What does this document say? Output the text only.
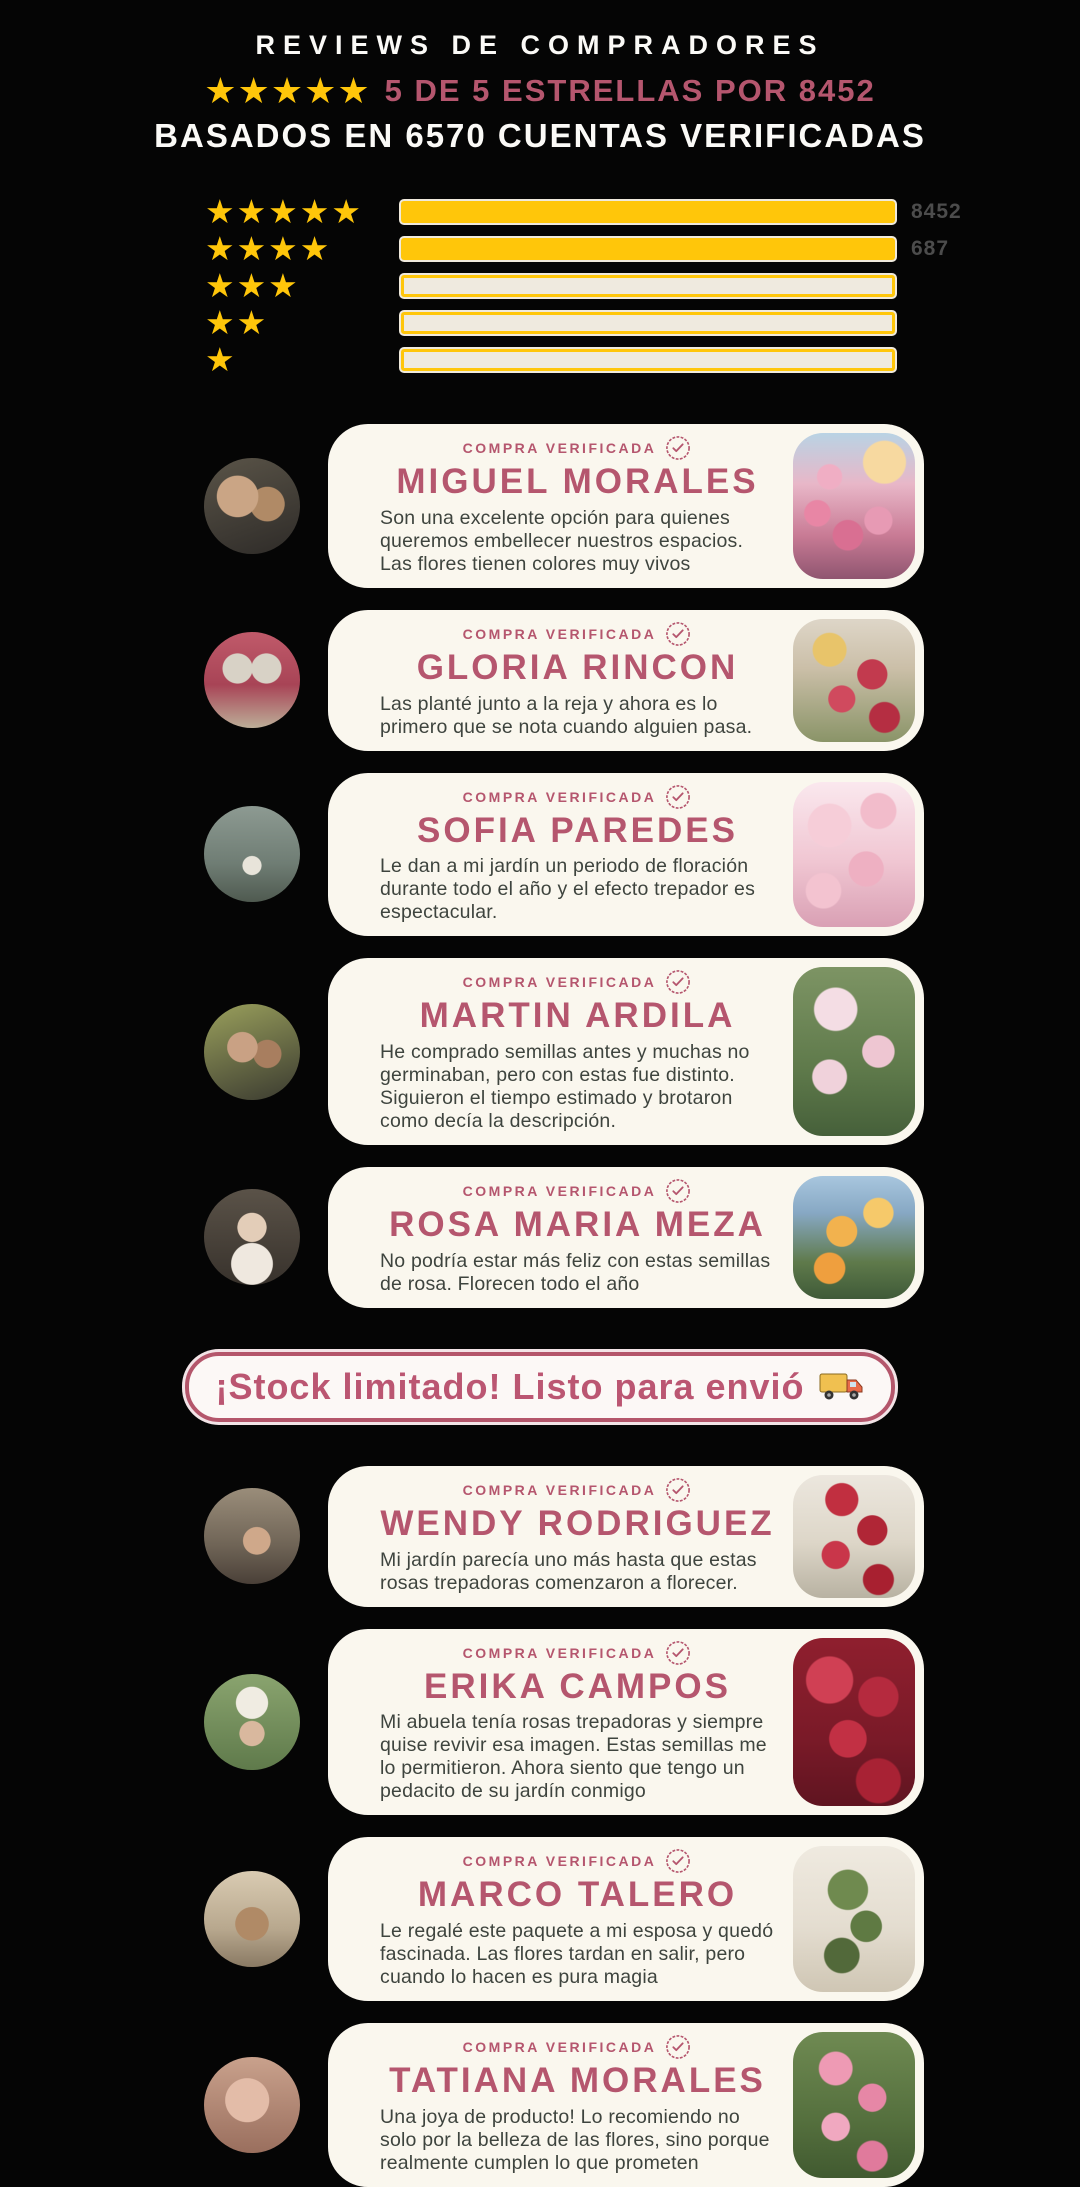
REVIEWS DE COMPRADORES
★★★★★ 5 DE 5 ESTRELLAS POR 8452
BASADOS EN 6570 CUENTAS VERIFICADAS
★★★★★	8452
★★★★	687
★★★
★★
★
COMPRA VERIFICADA
MIGUEL MORALES

Son una excelente opción para quienes queremos embellecer nuestros espacios. Las flores tienen colores muy vivos

COMPRA VERIFICADA
GLORIA RINCON

Las planté junto a la reja y ahora es lo primero que se nota cuando alguien pasa.

COMPRA VERIFICADA
SOFIA PAREDES

Le dan a mi jardín un periodo de floración durante todo el año y el efecto trepador es espectacular.

COMPRA VERIFICADA
MARTIN ARDILA

He comprado semillas antes y muchas no germinaban, pero con estas fue distinto. Siguieron el tiempo estimado y brotaron como decía la descripción.

COMPRA VERIFICADA
ROSA MARIA MEZA

No podría estar más feliz con estas semillas de rosa. Florecen todo el año

¡Stock limitado! Listo para envió
COMPRA VERIFICADA
WENDY RODRIGUEZ

Mi jardín parecía uno más hasta que estas rosas trepadoras comenzaron a florecer.

COMPRA VERIFICADA
ERIKA CAMPOS

Mi abuela tenía rosas trepadoras y siempre quise revivir esa imagen. Estas semillas me lo permitieron. Ahora siento que tengo un pedacito de su jardín conmigo

COMPRA VERIFICADA
MARCO TALERO

Le regalé este paquete a mi esposa y quedó fascinada. Las flores tardan en salir, pero cuando lo hacen es pura magia

COMPRA VERIFICADA
TATIANA MORALES

Una joya de producto! Lo recomiendo no solo por la belleza de las flores, sino porque realmente cumplen lo que prometen
